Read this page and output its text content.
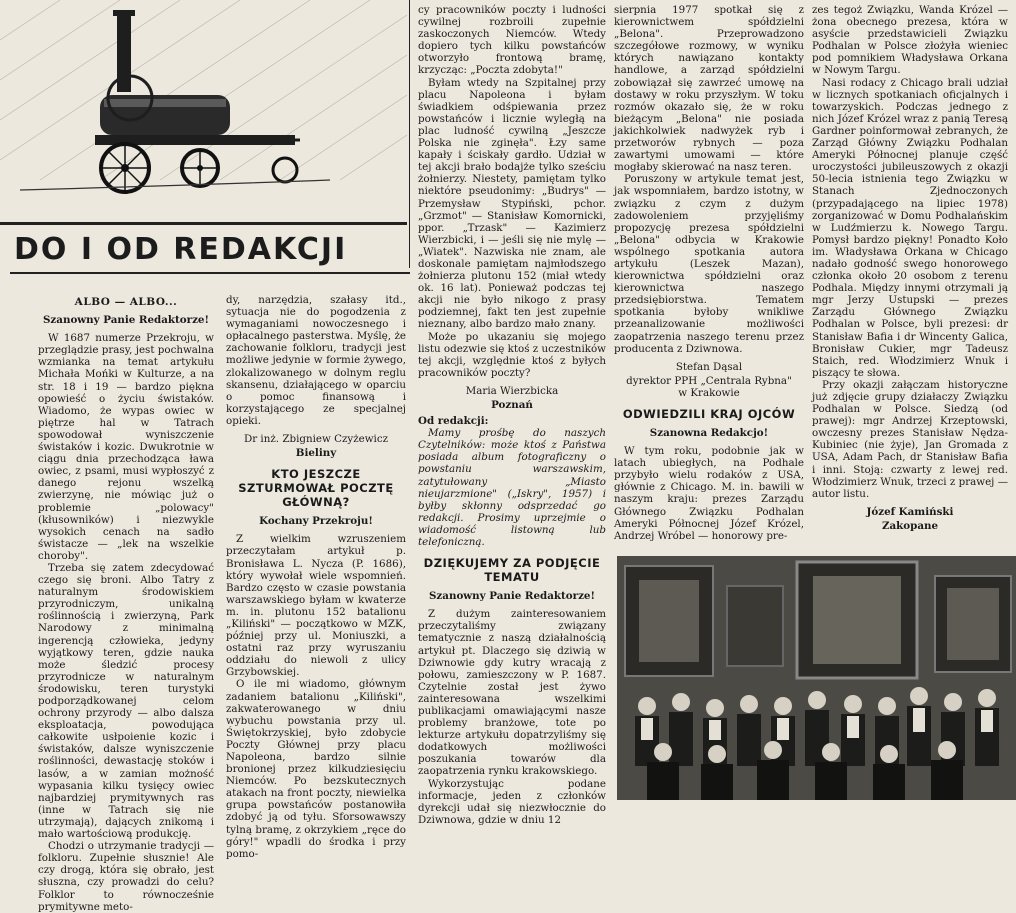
DO I OD REDAKCJI
ALBO — ALBO...
Szanowny Panie Redaktorze!

W 1687 numerze Przekroju, w przeglądzie prasy, jest pochwalna wzmianka na temat artykułu Michała Mońki w Kulturze, a na str. 18 i 19 — bardzo piękna opowieść o życiu świstaków. Wiadomo, że wypas owiec w piętrze hal w Tatrach spowodował wyniszczenie świstaków i kozic. Dwukrotnie w ciągu dnia przechodząca ława owiec, z psami, musi wypłoszyć z danego rejonu wszelką zwierzynę, nie mówiąc już o problemie „polowacy" (kłusowników) i niezwykle wysokich cenach na sadło świstacze — „lek na wszelkie choroby".

Trzeba się zatem zdecydować czego się broni. Albo Tatry z naturalnym środowiskiem przyrodniczym, unikalną roślinnością i zwierzyną, Park Narodowy z minimalną ingerencją człowieka, jedyny wyjątkowy teren, gdzie nauka może śledzić procesy przyrodnicze w naturalnym środowisku, teren turystyki podporządkowanej celom ochrony przyrody — albo dalsza eksploatacja, powodująca całkowite usłpoienie kozic i świstaków, dalsze wyniszczenie roślinności, dewastację stoków i lasów, a w zamian możność wypasania kilku tysięcy owiec najbardziej prymitywnych ras (inne w Tatrach się nie utrzymają), dających znikomą i mało wartościową produkcję.

Chodzi o utrzymanie tradycji — folkloru. Zupełnie słusznie! Ale czy drogą, która się obrało, jest słuszna, czy prowadzi do celu? Folklor to równocześnie prymitywne meto-

dy, narzędzia, szałasy itd., sytuacja nie do pogodzenia z wymaganiami nowoczesnego i opłacalnego pasterstwa. Myślę, że zachowanie folkloru, tradycji jest możliwe jedynie w formie żywego, zlokalizowanego w dolnym reglu skansenu, działającego w oparciu o pomoc finansową i korzystającego ze specjalnej opieki.

Dr inż. Zbigniew Czyżewicz
Bieliny
KTO JESZCZE SZTURMOWAŁ POCZTĘ GŁÓWNĄ?
Kochany Przekroju!

Z wielkim wzruszeniem przeczytałam artykuł p. Bronisława L. Nycza (P. 1686), który wywołał wiele wspomnień. Bardzo często w czasie powstania warszawskiego byłam w kwaterze m. in. plutonu 152 batalionu „Kiliński" — początkowo w MZK, później przy ul. Moniuszki, a ostatni raz przy wyruszaniu oddziału do niewoli z ulicy Grzybowskiej.

O ile mi wiadomo, głównym zadaniem batalionu „Kiliński", zakwaterowanego w dniu wybuchu powstania przy ul. Świętokrzyskiej, było zdobycie Poczty Głównej przy placu Napoleona, bardzo silnie bronionej przez kilkudziesięciu Niemców. Po bezskutecznych atakach na front poczty, niewielka grupa powstańców postanowiła zdobyć ją od tyłu. Sforsowawszy tylną bramę, z okrzykiem „ręce do góry!" wpadli do środka i przy pomo-

cy pracowników poczty i ludności cywilnej rozbroili zupełnie zaskoczonych Niemców. Wtedy dopiero tych kilku powstańców otworzyło frontową bramę, krzycząc: „Poczta zdobyta!"

Byłam wtedy na Szpitalnej przy placu Napoleona i byłam świadkiem odśpiewania przez powstańców i licznie wyległą na plac ludność cywilną „Jeszcze Polska nie zginęła". Łzy same kapały i ściskały gardło. Udział w tej akcji brało bodajże tylko sześciu żołnierzy. Niestety, pamiętam tylko niektóre pseudonimy: „Budrys" — Przemysław Stypiński, pchor. „Grzmot" — Stanisław Komornicki, ppor. „Trzask" — Kazimierz Wierzbicki, i — jeśli się nie mylę — „Wiatek". Nazwiska nie znam, ale doskonale pamiętam najmłodszego żołnierza plutonu 152 (miał wtedy ok. 16 lat). Ponieważ podczas tej akcji nie było nikogo z prasy podziemnej, fakt ten jest zupełnie nieznany, albo bardzo mało znany.

Może po ukazaniu się mojego listu odezwie się ktoś z uczestników tej akcji, względnie ktoś z byłych pracowników poczty?

Maria Wierzbicka
Poznań

Od redakcji:

Mamy prośbę do naszych Czytelników: może ktoś z Państwa posiada album fotograficzny o powstaniu warszawskim, zatytułowany „Miasto nieujarzmione" („Iskry", 1957) i byłby skłonny odsprzedać go redakcji. Prosimy uprzejmie o wiadomość listowną lub telefoniczną.

DZIĘKUJEMY ZA PODJĘCIE TEMATU
Szanowny Panie Redaktorze!

Z dużym zainteresowaniem przeczytaliśmy związany tematycznie z naszą działalnością artykuł pt. Dlaczego się dziwią w Dziwnowie gdy kutry wracają z połowu, zamieszczony w P. 1687. Czytelnie został jest żywo zainteresowana wszelkimi publikacjami omawiającymi nasze problemy branżowe, tote po lekturze artykułu dopatrzyliśmy się dodatkowych możliwości poszukania towarów dla zaopatrzenia rynku krakowskiego.

Wykorzystując podane informacje, jeden z członków dyrekcji udał się niezwłocznie do Dziwnowa, gdzie w dniu 12

sierpnia 1977 spotkał się z kierownictwem spółdzielni „Belona". Przeprowadzono szczegółowe rozmowy, w wyniku których nawiązano kontakty handlowe, a zarząd spółdzielni zobowiązał się zawrzeć umowę na dostawy w roku przyszłym. W toku rozmów okazało się, że w roku bieżącym „Belona" nie posiada jakichkolwiek nadwyżek ryb i przetworów rybnych — poza zawartymi umowami — które mogłaby skierować na nasz teren.

Poruszony w artykule temat jest, jak wspomniałem, bardzo istotny, w związku z czym z dużym zadowoleniem przyjęliśmy propozycję prezesa spółdzielni „Belona" odbycia w Krakowie wspólnego spotkania autora artykułu (Leszek Mazan), kierownictwa spółdzielni oraz kierownictwa naszego przedsiębiorstwa. Tematem spotkania byłoby wnikliwe przeanalizowanie możliwości zaopatrzenia naszego terenu przez producenta z Dziwnowa.

Stefan Dąsal
dyrektor PPH „Centrala Rybna"
w Krakowie
ODWIEDZILI KRAJ OJCÓW
Szanowna Redakcjo!

W tym roku, podobnie jak w latach ubiegłych, na Podhale przybyło wielu rodaków z USA, głównie z Chicago. M. in. bawili w naszym kraju: prezes Zarządu Głównego Związku Podhalan Ameryki Północnej Józef Krózel, Andrzej Wróbel — honorowy pre-

zes tegoż Związku, Wanda Krózel — żona obecnego prezesa, która w asyście przedstawicieli Związku Podhalan w Polsce złożyła wieniec pod pomnikiem Władysława Orkana w Nowym Targu.

Nasi rodacy z Chicago brali udział w licznych spotkaniach oficjalnych i towarzyskich. Podczas jednego z nich Józef Krózel wraz z panią Teresą Gardner poinformował zebranych, że Zarząd Główny Związku Podhalan Ameryki Północnej planuje część uroczystości jubileuszowych z okazji 50-lecia istnienia tego Związku w Stanach Zjednoczonych (przypadającego na lipiec 1978) zorganizować w Domu Podhalańskim w Ludźmierzu k. Nowego Targu. Pomysł bardzo piękny! Ponadto Koło im. Władysława Orkana w Chicago nadało godność swego honorowego członka około 20 osobom z terenu Podhala. Między innymi otrzymali ją mgr Jerzy Ustupski — prezes Zarządu Głównego Związku Podhalan w Polsce, byli prezesi: dr Stanisław Bafia i dr Wincenty Galica, Bronisław Cukier, mgr Tadeusz Staich, red. Włodzimierz Wnuk i piszący te słowa.

Przy okazji załączam historyczne już zdjęcie grupy działaczy Związku Podhalan w Polsce. Siedzą (od prawej): mgr Andrzej Krzeptowski, owczesny prezes Stanisław Nędza-Kubiniec (nie żyje), Jan Gromada z USA, Adam Pach, dr Stanisław Bafia i inni. Stoją: czwarty z lewej red. Włodzimierz Wnuk, trzeci z prawej — autor listu.

Józef Kamiński
Zakopane
